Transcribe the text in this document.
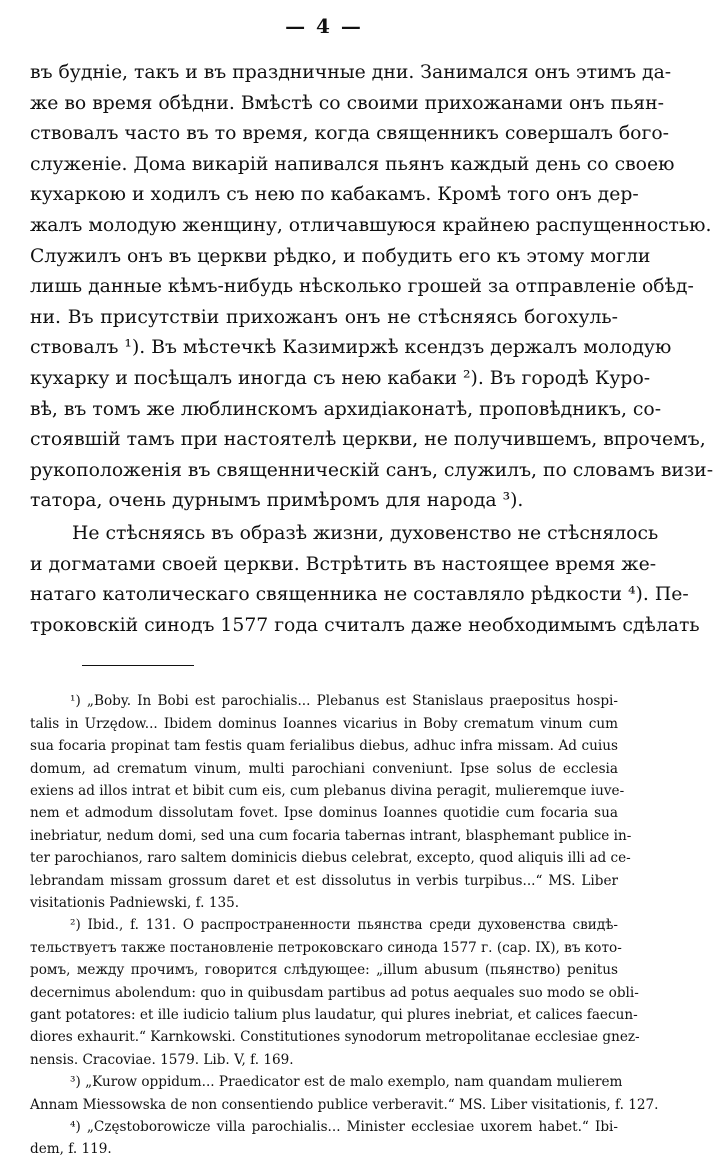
— 4 —
въ будніе, такъ и въ праздничные дни. Занимался онъ этимъ да-
же во время обѣдни. Вмѣстѣ со своими прихожанами онъ пьян-
ствовалъ часто въ то время, когда священникъ совершалъ бого-
служеніе. Дома викарій напивался пьянъ каждый день со своею
кухаркою и ходилъ съ нею по кабакамъ. Кромѣ того онъ дер-
жалъ молодую женщину, отличавшуюся крайнею распущенностью.
Служилъ онъ въ церкви рѣдко, и побудить его къ этому могли
лишь данные кѣмъ-нибудь нѣсколько грошей за отправленіе обѣд-
ни. Въ присутствіи прихожанъ онъ не стѣсняясь богохуль-
ствовалъ ¹). Въ мѣстечкѣ Казимиржѣ ксендзъ держалъ молодую
кухарку и посѣщалъ иногда съ нею кабаки ²). Въ городѣ Куро-
вѣ, въ томъ же люблинскомъ архидіаконатѣ, проповѣдникъ, со-
стоявшій тамъ при настоятелѣ церкви, не получившемъ, впрочемъ,
рукоположенія въ священническій санъ, служилъ, по словамъ визи-
татора, очень дурнымъ примѣромъ для народа ³).
Не стѣсняясь въ образѣ жизни, духовенство не стѣснялось
и догматами своей церкви. Встрѣтить въ настоящее время же-
натаго католическаго священника не составляло рѣдкости ⁴). Пе-
троковскій синодъ 1577 года считалъ даже необходимымъ сдѣлать
¹) „Boby. In Bobi est parochialis... Plebanus est Stanislaus praepositus hospi-
talis in Urzędow... Ibidem dominus Ioannes vicarius in Boby crematum vinum cum
sua focaria propinat tam festis quam ferialibus diebus, adhuc infra missam. Ad cuius
domum, ad crematum vinum, multi parochiani conveniunt. Ipse solus de ecclesia
exiens ad illos intrat et bibit cum eis, cum plebanus divina peragit, mulieremque iuve-
nem et admodum dissolutam fovet. Ipse dominus Ioannes quotidie cum focaria sua
inebriatur, nedum domi, sed una cum focaria tabernas intrant, blasphemant publice in-
ter parochianos, raro saltem dominicis diebus celebrat, excepto, quod aliquis illi ad ce-
lebrandam missam grossum daret et est dissolutus in verbis turpibus...“ MS. Liber
visitationis Padniewski, f. 135.
²) Ibid., f. 131. О распространенности пьянства среди духовенства свидѣ-
тельствуетъ также постановленіе петроковскаго синода 1577 г. (cap. IX), въ кото-
ромъ, между прочимъ, говорится слѣдующее: „illum abusum (пьянство) penitus
decernimus abolendum: quo in quibusdam partibus ad potus aequales suo modo se obli-
gant potatores: et ille iudicio talium plus laudatur, qui plures inebriat, et calices faecun-
diores exhaurit.“ Karnkowski. Constitutiones synodorum metropolitanae ecclesiae gnez-
nensis. Cracoviae. 1579. Lib. V, f. 169.
³) „Kurow oppidum... Praedicator est de malo exemplo, nam quandam mulierem
Annam Miessowska de non consentiendo publice verberavit.“ MS. Liber visitationis, f. 127.
⁴) „Częstoborowicze villa parochialis... Minister ecclesiae uxorem habet.“ Ibi-
dem, f. 119.
